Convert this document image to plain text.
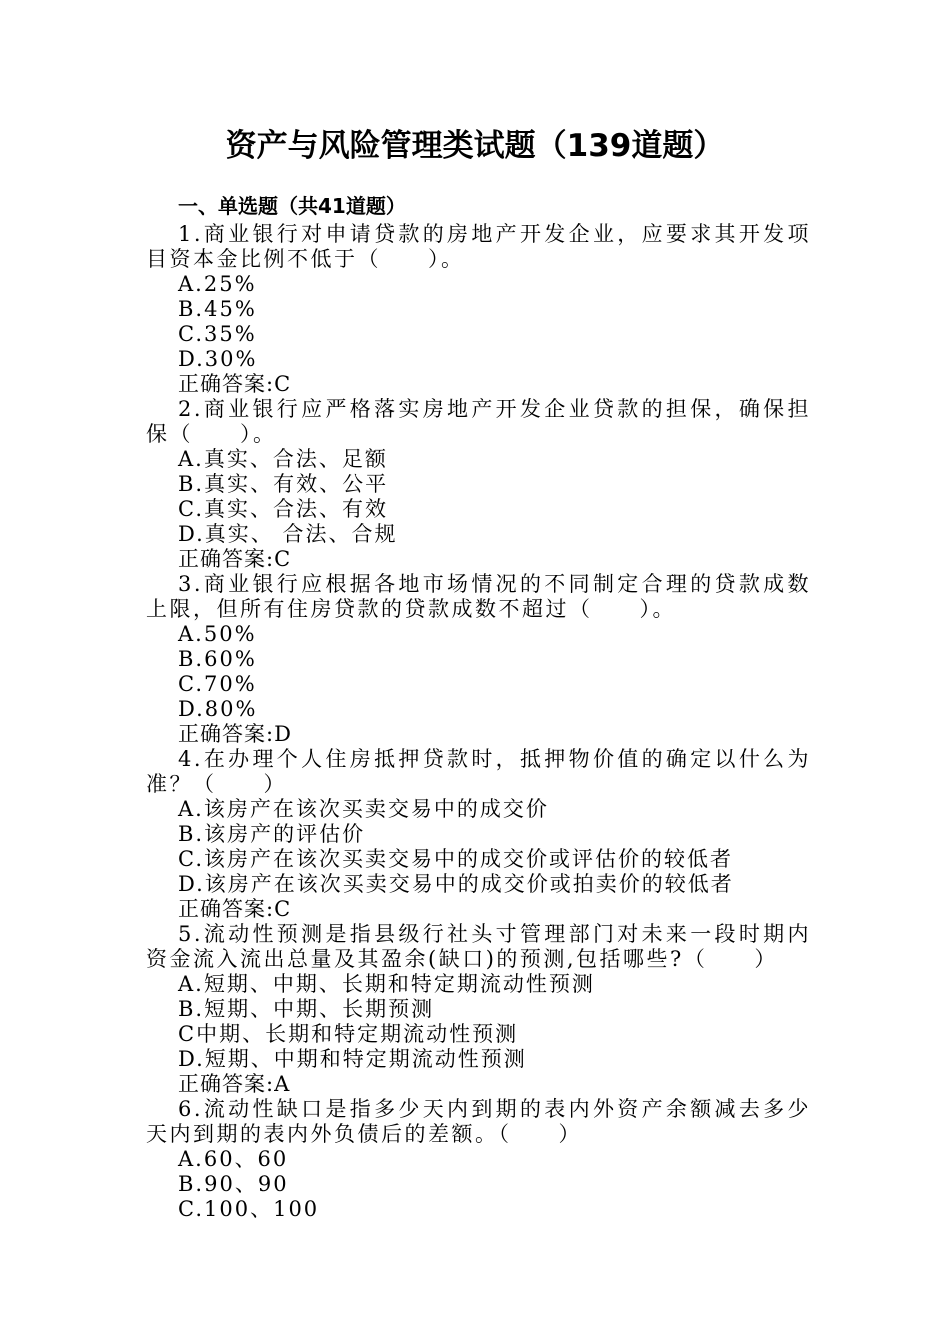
资产与风险管理类试题（139道题）
一、单选题（共41道题）

1.商业银行对申请贷款的房地产开发企业，应要求其开发项目资本金比例不低于（　　）。

A.25%

B.45%

C.35%

D.30%

正确答案:C

2.商业银行应严格落实房地产开发企业贷款的担保，确保担保（　　）。

A.真实、合法、足额

B.真实、有效、公平

C.真实、合法、有效

D.真实、 合法、合规

正确答案:C

3.商业银行应根据各地市场情况的不同制定合理的贷款成数上限，但所有住房贷款的贷款成数不超过（　　）。

A.50%

B.60%

C.70%

D.80%

正确答案:D

4.在办理个人住房抵押贷款时，抵押物价值的确定以什么为准？（　　）

A.该房产在该次买卖交易中的成交价

B.该房产的评估价

C.该房产在该次买卖交易中的成交价或评估价的较低者

D.该房产在该次买卖交易中的成交价或拍卖价的较低者

正确答案:C

5.流动性预测是指县级行社头寸管理部门对未来一段时期内资金流入流出总量及其盈余(缺口)的预测,包括哪些?（　　）

A.短期、中期、长期和特定期流动性预测

B.短期、中期、长期预测

C中期、长期和特定期流动性预测

D.短期、中期和特定期流动性预测

正确答案:A

6.流动性缺口是指多少天内到期的表内外资产余额减去多少天内到期的表内外负债后的差额。（　　）

A.60、60

B.90、90

C.100、100
